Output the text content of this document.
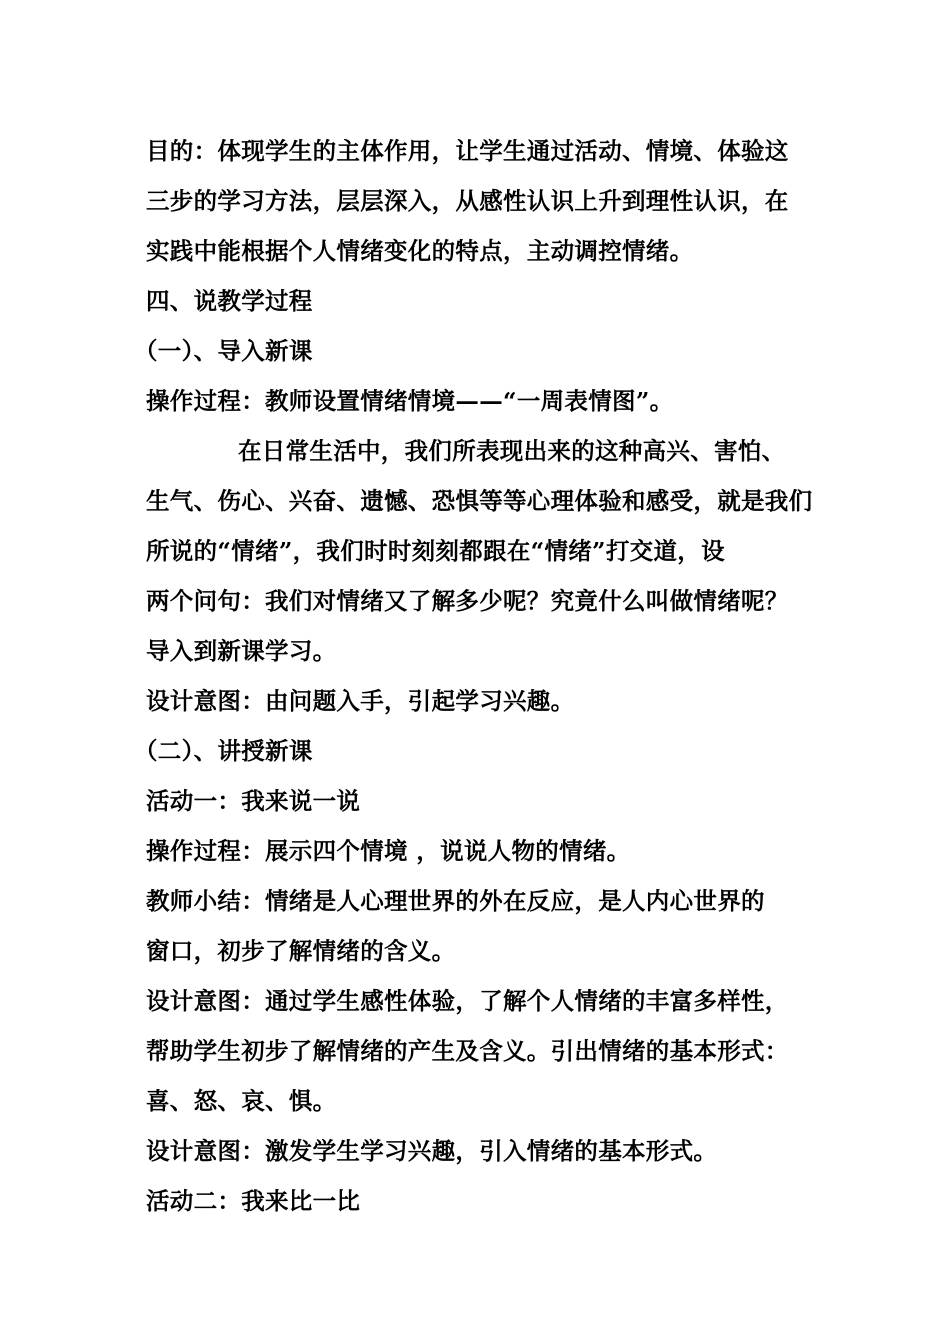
目的：体现学生的主体作用，让学生通过活动、情境、体验这
三步的学习方法，层层深入，从感性认识上升到理性认识，在
实践中能根据个人情绪变化的特点，主动调控情绪。
四、说教学过程
（一）、导入新课
操作过程：教师设置情绪情境——“一周表情图”。
在日常生活中，我们所表现出来的这种高兴、害怕、
生气、伤心、兴奋、遗憾、恐惧等等心理体验和感受，就是我们
所说的“情绪”，我们时时刻刻都跟在“情绪”打交道，设
两个问句：我们对情绪又了解多少呢？究竟什么叫做情绪呢？
导入到新课学习。
设计意图：由问题入手，引起学习兴趣。
（二）、讲授新课
活动一：我来说一说
操作过程：展示四个情境 ，说说人物的情绪。
教师小结：情绪是人心理世界的外在反应，是人内心世界的
窗口，初步了解情绪的含义。
设计意图：通过学生感性体验，了解个人情绪的丰富多样性，
帮助学生初步了解情绪的产生及含义。引出情绪的基本形式：
喜、怒、哀、惧。
设计意图：激发学生学习兴趣，引入情绪的基本形式。
活动二：我来比一比
